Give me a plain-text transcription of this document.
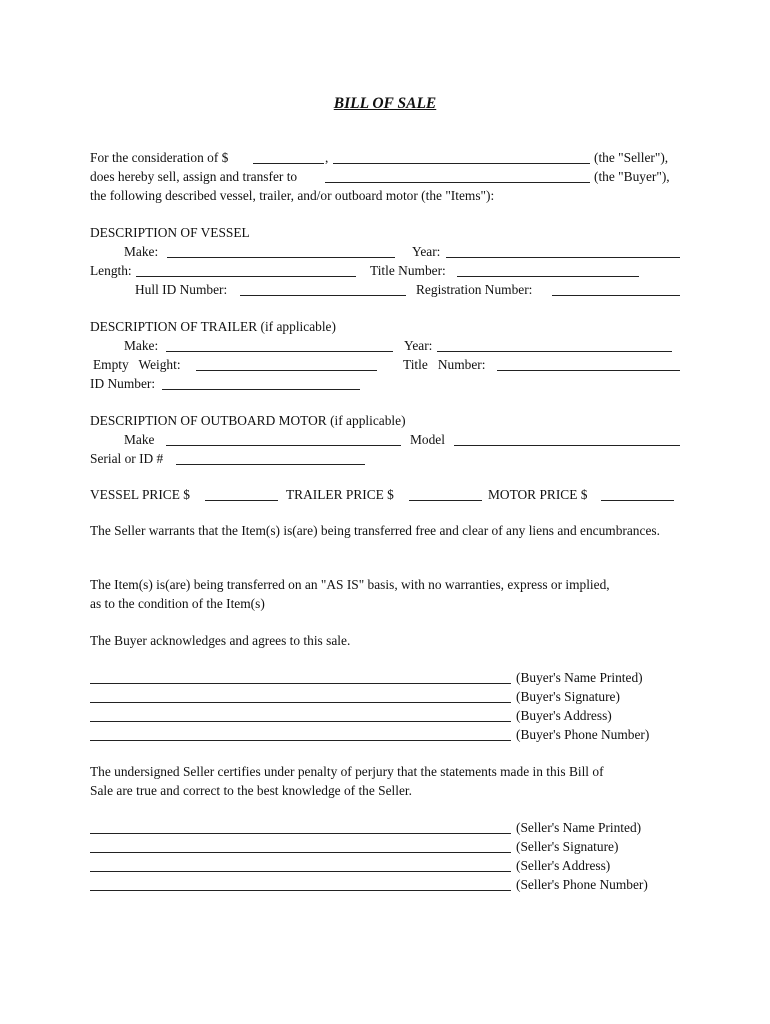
BILL OF SALE
For the consideration of $	,	(the "Seller"),
does hereby sell, assign and transfer to	(the "Buyer"),
the following described vessel, trailer, and/or outboard motor (the "Items"):
DESCRIPTION OF VESSEL
Make:	Year:
Length:	Title Number:
Hull ID Number:	Registration Number:
DESCRIPTION OF TRAILER (if applicable)
Make:	Year:
Empty   Weight:	Title   Number:
ID Number:
DESCRIPTION OF OUTBOARD MOTOR (if applicable)
Make	Model
Serial or ID #
VESSEL PRICE $	TRAILER PRICE $	MOTOR PRICE $
The Seller warrants that the Item(s) is(are) being transferred free and clear of any liens and encumbrances.
The Item(s) is(are) being transferred on an "AS IS" basis, with no warranties, express or implied,
as to the condition of the Item(s)
The Buyer acknowledges and agrees to this sale.
(Buyer's Name Printed)
(Buyer's Signature)
(Buyer's Address)
(Buyer's Phone Number)
The undersigned Seller certifies under penalty of perjury that the statements made in this Bill of
Sale are true and correct to the best knowledge of the Seller.
(Seller's Name Printed)
(Seller's Signature)
(Seller's Address)
(Seller's Phone Number)
